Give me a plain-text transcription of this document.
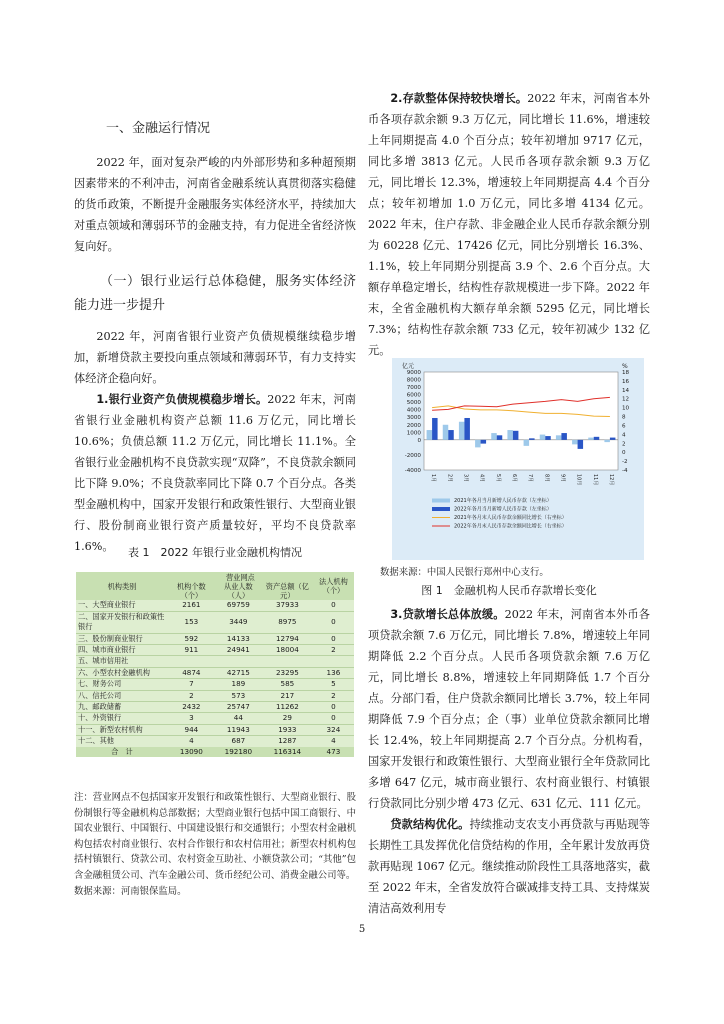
一、金融运行情况

2022 年，面对复杂严峻的内外部形势和多种超预期因素带来的不利冲击，河南省金融系统认真贯彻落实稳健的货币政策，不断提升金融服务实体经济水平，持续加大对重点领域和薄弱环节的金融支持，有力促进全省经济恢复向好。

（一）银行业运行总体稳健，服务实体经济能力进一步提升

2022 年，河南省银行业资产负债规模继续稳步增加，新增贷款主要投向重点领域和薄弱环节，有力支持实体经济企稳向好。

1.银行业资产负债规模稳步增长。2022 年末，河南省银行业金融机构资产总额 11.6 万亿元，同比增长 10.6%；负债总额 11.2 万亿元，同比增长 11.1%。全省银行业金融机构不良贷款实现“双降”，不良贷款余额同比下降 9.0%；不良贷款率同比下降 0.7 个百分点。各类型金融机构中，国家开发银行和政策性银行、大型商业银行、股份制商业银行资产质量较好，平均不良贷款率 1.6%。	表 1　2022 年银行业金融机构情况
机构类别	营业网点			法人机构（个）
	机构个数（个）	从业人数（人）	资产总额（亿元）	
一、大型商业银行	2161	69759	37933	0
二、国家开发银行和政策性银行	153	3449	8975	0
三、股份制商业银行	592	14133	12794	0
四、城市商业银行	911	24941	18004	2
五、城市信用社				
六、小型农村金融机构	4874	42715	23295	136
七、财务公司	7	189	585	5
八、信托公司	2	573	217	2
九、邮政储蓄	2432	25747	11262	0
十、外资银行	3	44	29	0
十一、新型农村机构	944	11943	1933	324
十二、其他	4	687	1287	4
合　计	13090	192180	116314	473
注：营业网点不包括国家开发银行和政策性银行、大型商业银行、股份制银行等金融机构总部数据；大型商业银行包括中国工商银行、中国农业银行、中国银行、中国建设银行和交通银行；小型农村金融机构包括农村商业银行、农村合作银行和农村信用社；新型农村机构包括村镇银行、贷款公司、农村资金互助社、小额贷款公司；“其他”包含金融租赁公司、汽车金融公司、货币经纪公司、消费金融公司等。
数据来源：河南银保监局。

2.存款整体保持较快增长。2022 年末，河南省本外币各项存款余额 9.3 万亿元，同比增长 11.6%，增速较上年同期提高 4.0 个百分点；较年初增加 9717 亿元，同比多增 3813 亿元。人民币各项存款余额 9.3 万亿元，同比增长 12.3%，增速较上年同期提高 4.4 个百分点；较年初增加 1.0 万亿元，同比多增 4134 亿元。2022 年末，住户存款、非金融企业人民币存款余额分别为 60228 亿元、17426 亿元，同比分别增长 16.3%、1.1%，较上年同期分别提高 3.9 个、2.6 个百分点。大额存单稳定增长，结构性存款规模进一步下降。2022 年末，全省金融机构大额存单余额 5295 亿元，同比增长 7.3%；结构性存款余额 733 亿元，较年初减少 132 亿元。

-4000
-2000
0
1000
2000
3000
4000
5000
6000
7000
8000
9000
-4
-2
0
2
4
6
8
10
12
14
16
18
亿元	%
1月 2月 3月 4月 5月 6月 7月 8月 9月 10月 11月 12月
2021年各月当月新增人民币存款（左坐标）
2022年各月当月新增人民币存款（左坐标）
2021年各月末人民币存款余额同比增长（右坐标）
2022年各月末人民币存款余额同比增长（右坐标）
数据来源：中国人民银行郑州中心支行。
图 1　金融机构人民币存款增长变化

3.贷款增长总体放缓。2022 年末，河南省本外币各项贷款余额 7.6 万亿元，同比增长 7.8%，增速较上年同期降低 2.2 个百分点。人民币各项贷款余额 7.6 万亿元，同比增长 8.8%，增速较上年同期降低 1.7 个百分点。分部门看，住户贷款余额同比增长 3.7%，较上年同期降低 7.9 个百分点；企（事）业单位贷款余额同比增长 12.4%，较上年同期提高 2.7 个百分点。分机构看，国家开发银行和政策性银行、大型商业银行全年贷款同比多增 647 亿元，城市商业银行、农村商业银行、村镇银行贷款同比分别少增 473 亿元、631 亿元、111 亿元。

贷款结构优化。持续推动支农支小再贷款与再贴现等长期性工具发挥优化信贷结构的作用，全年累计发放再贷款再贴现 1067 亿元。继续推动阶段性工具落地落实，截至 2022 年末，全省发放符合碳减排支持工具、支持煤炭清洁高效利用专

5
